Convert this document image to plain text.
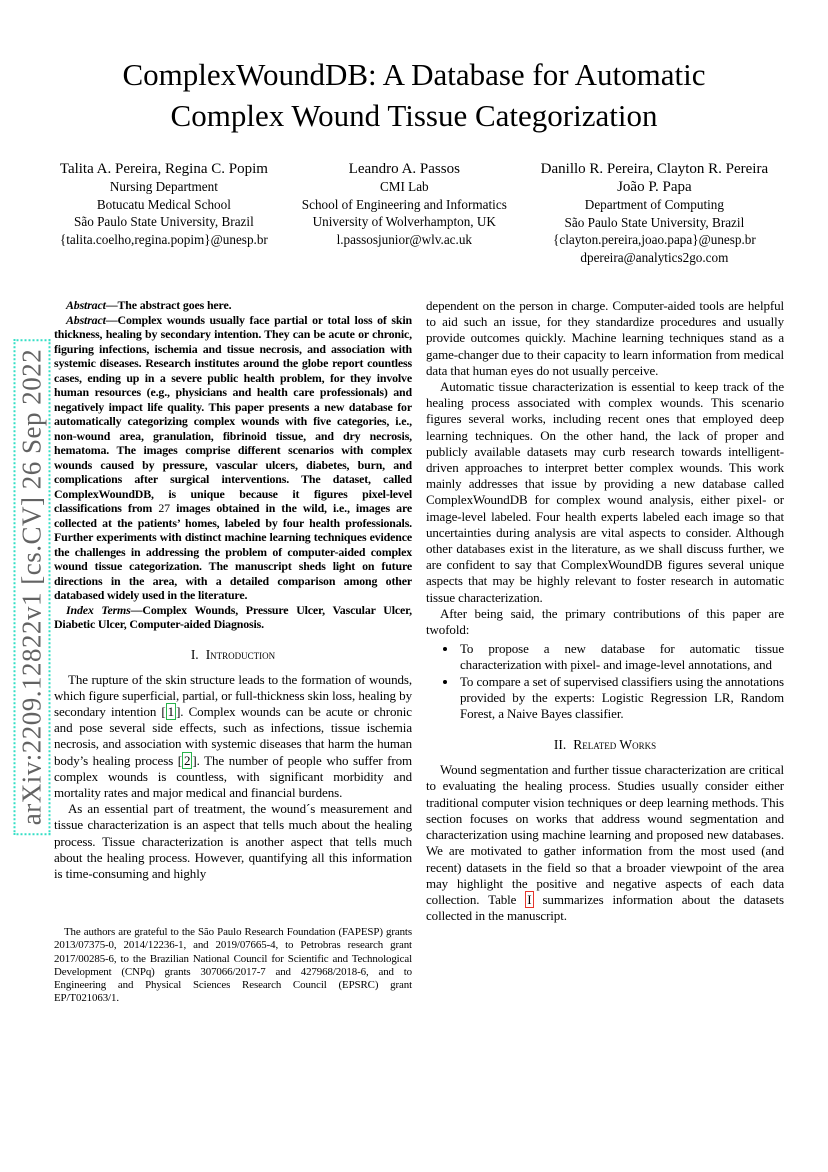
arXiv:2209.12822v1 [cs.CV] 26 Sep 2022
ComplexWoundDB: A Database for Automatic
Complex Wound Tissue Categorization
Talita A. Pereira, Regina C. Popim
Nursing Department
Botucatu Medical School
São Paulo State University, Brazil
{talita.coelho,regina.popim}@unesp.br
Leandro A. Passos
CMI Lab
School of Engineering and Informatics
University of Wolverhampton, UK
l.passosjunior@wlv.ac.uk
Danillo R. Pereira, Clayton R. Pereira
João P. Papa
Department of Computing
São Paulo State University, Brazil
{clayton.pereira,joao.papa}@unesp.br
dpereira@analytics2go.com

Abstract—The abstract goes here.

Abstract—Complex wounds usually face partial or total loss of skin thickness, healing by secondary intention. They can be acute or chronic, figuring infections, ischemia and tissue necrosis, and association with systemic diseases. Research institutes around the globe report countless cases, ending up in a severe public health problem, for they involve human resources (e.g., physicians and health care professionals) and negatively impact life quality. This paper presents a new database for automatically categorizing complex wounds with five categories, i.e., non-wound area, granulation, fibrinoid tissue, and dry necrosis, hematoma. The images comprise different scenarios with complex wounds caused by pressure, vascular ulcers, diabetes, burn, and complications after surgical interventions. The dataset, called ComplexWoundDB, is unique because it figures pixel-level classifications from 27 images obtained in the wild, i.e., images are collected at the patients’ homes, labeled by four health professionals. Further experiments with distinct machine learning techniques evidence the challenges in addressing the problem of computer-aided complex wound tissue categorization. The manuscript sheds light on future directions in the area, with a detailed comparison among other databased widely used in the literature.

Index Terms—Complex Wounds, Pressure Ulcer, Vascular Ulcer, Diabetic Ulcer, Computer-aided Diagnosis.

I. Introduction

The rupture of the skin structure leads to the formation of wounds, which figure superficial, partial, or full-thickness skin loss, healing by secondary intention [ 1 ]. Complex wounds can be acute or chronic and pose several side effects, such as infections, tissue ischemia necrosis, and association with systemic diseases that harm the human body’s healing process [ 2 ]. The number of people who suffer from complex wounds is countless, with significant morbidity and mortality rates and major medical and financial burdens.

As an essential part of treatment, the wound´s measurement and tissue characterization is an aspect that tells much about the healing process. Tissue characterization is another aspect that tells much about the healing process. However, quantifying all this information is time-consuming and highly

The authors are grateful to the São Paulo Research Foundation (FAPESP) grants 2013/07375-0, 2014/12236-1, and 2019/07665-4, to Petrobras research grant 2017/00285-6, to the Brazilian National Council for Scientific and Technological Development (CNPq) grants 307066/2017-7 and 427968/2018-6, and to Engineering and Physical Sciences Research Council (EPSRC) grant EP/T021063/1.

dependent on the person in charge. Computer-aided tools are helpful to aid such an issue, for they standardize procedures and usually provide outcomes quickly. Machine learning techniques stand as a game-changer due to their capacity to learn information from medical data that human eyes do not usually perceive.

Automatic tissue characterization is essential to keep track of the healing process associated with complex wounds. This scenario figures several works, including recent ones that employed deep learning techniques. On the other hand, the lack of proper and publicly available datasets may curb research towards intelligent-driven approaches to interpret better complex wounds. This work mainly addresses that issue by providing a new database called ComplexWoundDB for complex wound analysis, either pixel- or image-level labeled. Four health experts labeled each image so that uncertainties during analysis are vital aspects to consider. Although other databases exist in the literature, as we shall discuss further, we are confident to say that ComplexWoundDB figures several unique aspects that may be highly relevant to foster research in automatic tissue characterization.

After being said, the primary contributions of this paper are twofold:

• To propose a new database for automatic tissue characterization with pixel- and image-level annotations, and
• To compare a set of supervised classifiers using the annotations provided by the experts: Logistic Regression LR, Random Forest, a Naive Bayes classifier.
II. Related Works

Wound segmentation and further tissue characterization are critical to evaluating the healing process. Studies usually consider either traditional computer vision techniques or deep learning methods. This section focuses on works that address wound segmentation and characterization using machine learning and proposed new databases. We are motivated to gather information from the most used (and recent) datasets in the field so that a broader viewpoint of the area may highlight the positive and negative aspects of each data collection. Table I summarizes information about the datasets collected in the manuscript.
